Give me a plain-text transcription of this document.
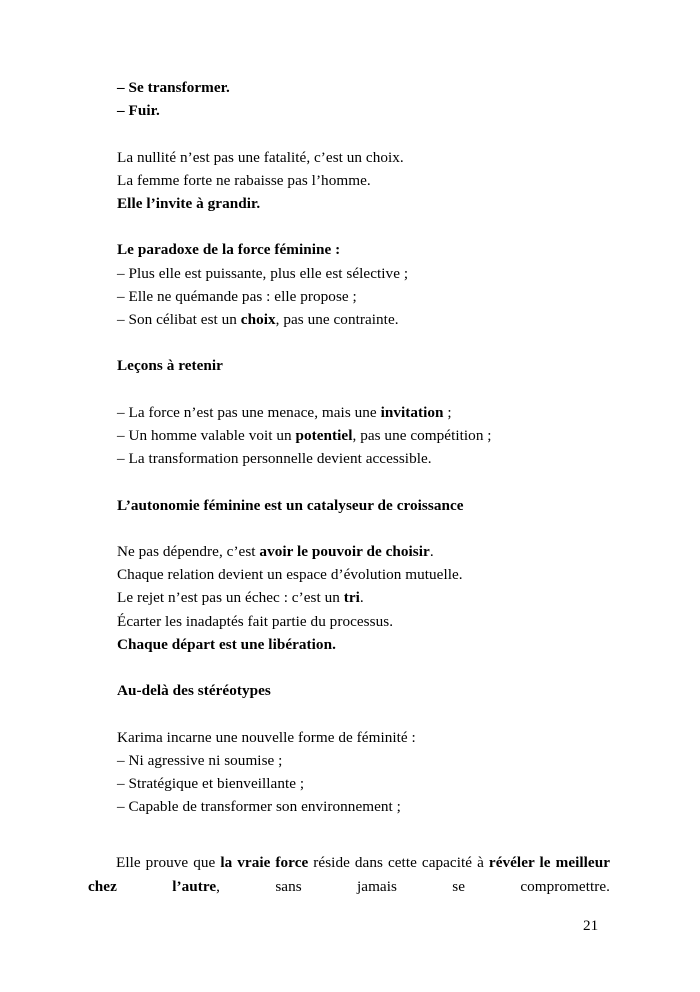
– Se transformer.
– Fuir.
La nullité n’est pas une fatalité, c’est un choix.
La femme forte ne rabaisse pas l’homme.
Elle l’invite à grandir.
Le paradoxe de la force féminine :
– Plus elle est puissante, plus elle est sélective ;
– Elle ne quémande pas : elle propose ;
– Son célibat est un choix, pas une contrainte.
Leçons à retenir
– La force n’est pas une menace, mais une invitation ;
– Un homme valable voit un potentiel, pas une compétition ;
– La transformation personnelle devient accessible.
L’autonomie féminine est un catalyseur de croissance
Ne pas dépendre, c’est avoir le pouvoir de choisir.
Chaque relation devient un espace d’évolution mutuelle.
Le rejet n’est pas un échec : c’est un tri.
Écarter les inadaptés fait partie du processus.
Chaque départ est une libération.
Au-delà des stéréotypes
Karima incarne une nouvelle forme de féminité :
– Ni agressive ni soumise ;
– Stratégique et bienveillante ;
– Capable de transformer son environnement ;
Elle prouve que la vraie force réside dans cette capacité à révéler le meilleur chez l’autre, sans jamais se compromettre.
21
